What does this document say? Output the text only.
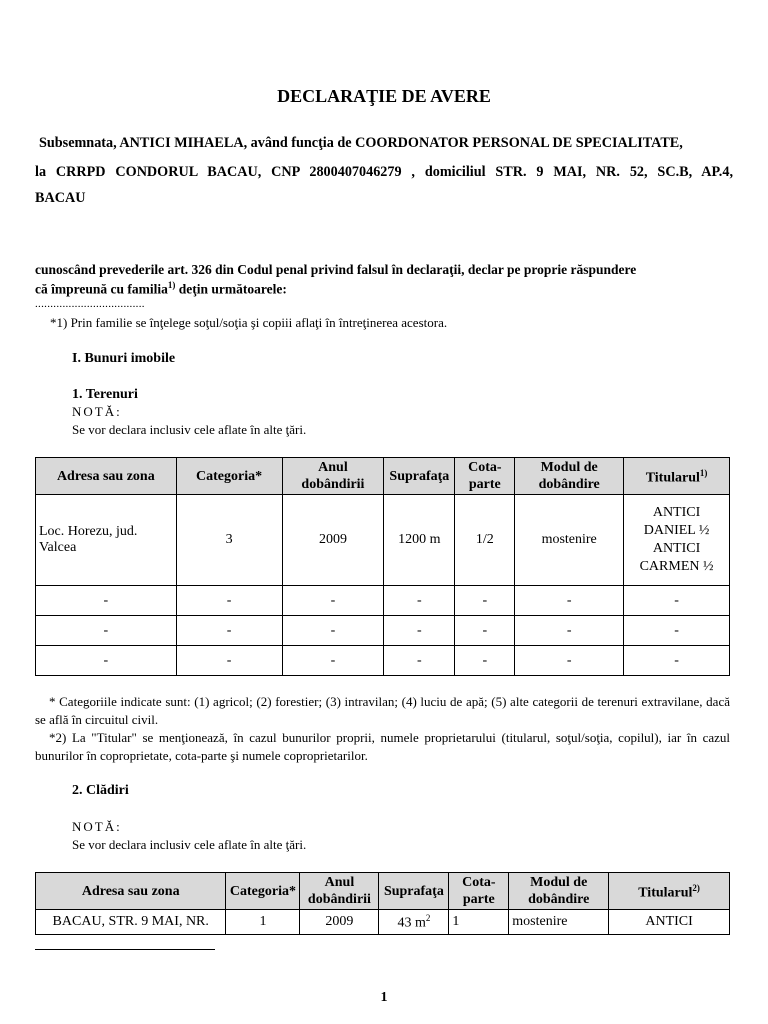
DECLARAŢIE DE AVERE
Subsemnata, ANTICI MIHAELA, având funcţia de COORDONATOR PERSONAL DE SPECIALITATE,
la CRRPD CONDORUL BACAU, CNP 2800407046279 , domiciliul STR. 9 MAI, NR. 52, SC.B, AP.4,
BACAU
cunoscând prevederile art. 326 din Codul penal privind falsul în declaraţii, declar pe proprie răspundere
că împreună cu familia$^{1)}$ deţin următoarele:
....................................
*1) Prin familie se înţelege soţul/soţia şi copiii aflaţi în întreţinerea acestora.
I. Bunuri imobile
1. Terenuri
NOTĂ:
Se vor declara inclusiv cele aflate în alte ţări.
Adresa sau zona	Categoria*	Anul dobândirii	Suprafaţa	Cota-parte	Modul de dobândire	Titularul$^{1)}$
Loc. Horezu, jud. Valcea	3	2009	1200 m	1/2	mostenire	ANTICI DANIEL ½ ANTICI CARMEN ½
-	-	-	-	-	-	-
-	-	-	-	-	-	-
-	-	-	-	-	-	-
* Categoriile indicate sunt: (1) agricol; (2) forestier; (3) intravilan; (4) luciu de apă; (5) alte categorii de terenuri extravilane, dacă se află în circuitul civil.
*2) La "Titular" se menţionează, în cazul bunurilor proprii, numele proprietarului (titularul, soţul/soţia, copilul), iar în cazul bunurilor în coproprietate, cota-parte şi numele coproprietarilor.
2. Clădiri
NOTĂ:
Se vor declara inclusiv cele aflate în alte ţări.
Adresa sau zona	Categoria*	Anul dobândirii	Suprafaţa	Cota-parte	Modul de dobândire	Titularul$^{2)}$
BACAU, STR. 9 MAI, NR.	1	2009	43 $m^2$	1	mostenire	ANTICI
1
